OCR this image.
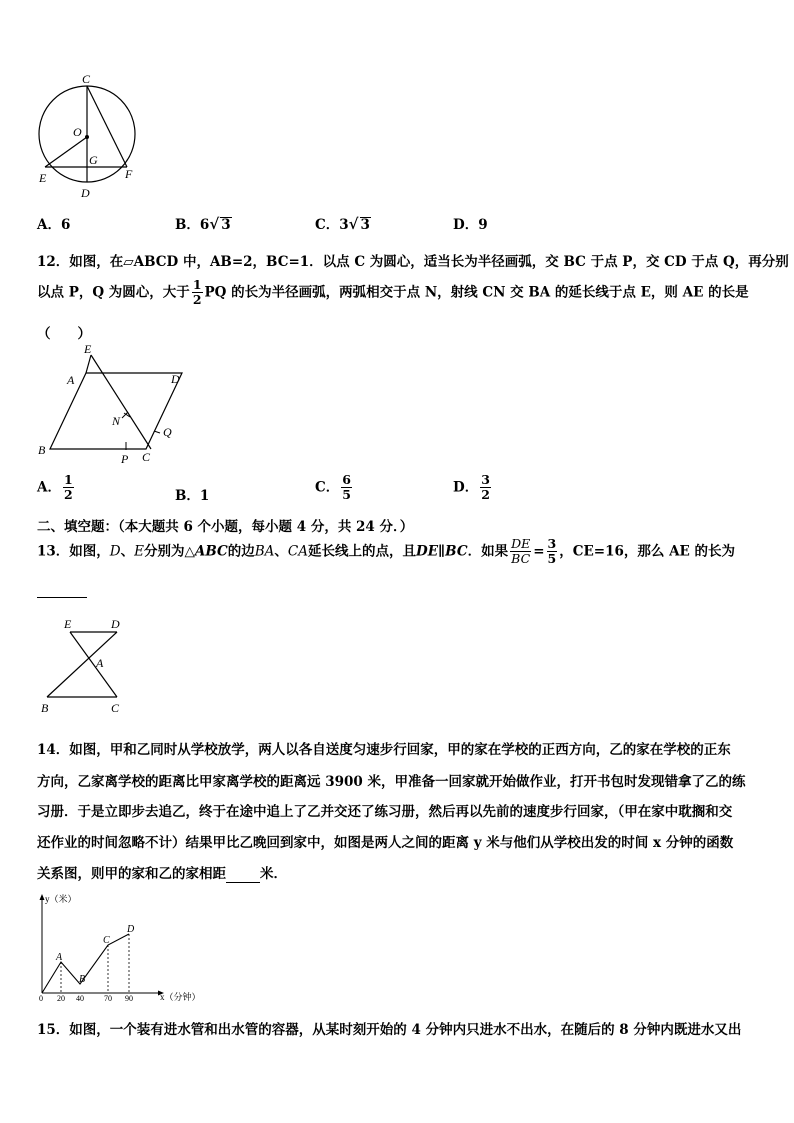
C
O
G
E
D
F
A．6	B．6√ 3	C．3√ 3	D．9
12．如图，在▱ABCD 中，AB=2，BC=1．以点 C 为圆心，适当长为半径画弧，交 BC 于点 P，交 CD 于点 Q，再分别
以点 P，Q 为圆心，大于 $\frac{1}{2}$ PQ 的长为半径画弧，两弧相交于点 N，射线 CN 交 BA 的延长线于点 E，则 AE 的长是
（　　）
E
A	D
N
Q
B
P C
A． $\frac{1}{2}$	B．1
C． $\frac{6}{5}$	D． $\frac{3}{2}$
二、填空题：（本大题共 6 个小题，每小题 4 分，共 24 分．）
13．如图，D、E分别为△ABC的边BA、CA延长线上的点，且DE∥BC．如果 $\frac{DE}{BC} = \frac{3}{5}$ ，CE=16，那么 AE 的长为
E	D
A
B	C
14．如图，甲和乙同时从学校放学，两人以各自送度匀速步行回家，甲的家在学校的正西方向，乙的家在学校的正东
方向，乙家离学校的距离比甲家离学校的距离远 3900 米，甲准备一回家就开始做作业，打开书包时发现错拿了乙的练
习册．于是立即步去追乙，终于在途中追上了乙并交还了练习册，然后再以先前的速度步行回家，（甲在家中耽搁和交
还作业的时间忽略不计）结果甲比乙晚回到家中，如图是两人之间的距离 y 米与他们从学校出发的时间 x 分钟的函数
关系图，则甲的家和乙的家相距	米．
y（米）
x（分钟）
A
B
C
D
0 20 40	70 90
15．如图，一个装有进水管和出水管的容器，从某时刻开始的 4 分钟内只进水不出水，在随后的 8 分钟内既进水又出
